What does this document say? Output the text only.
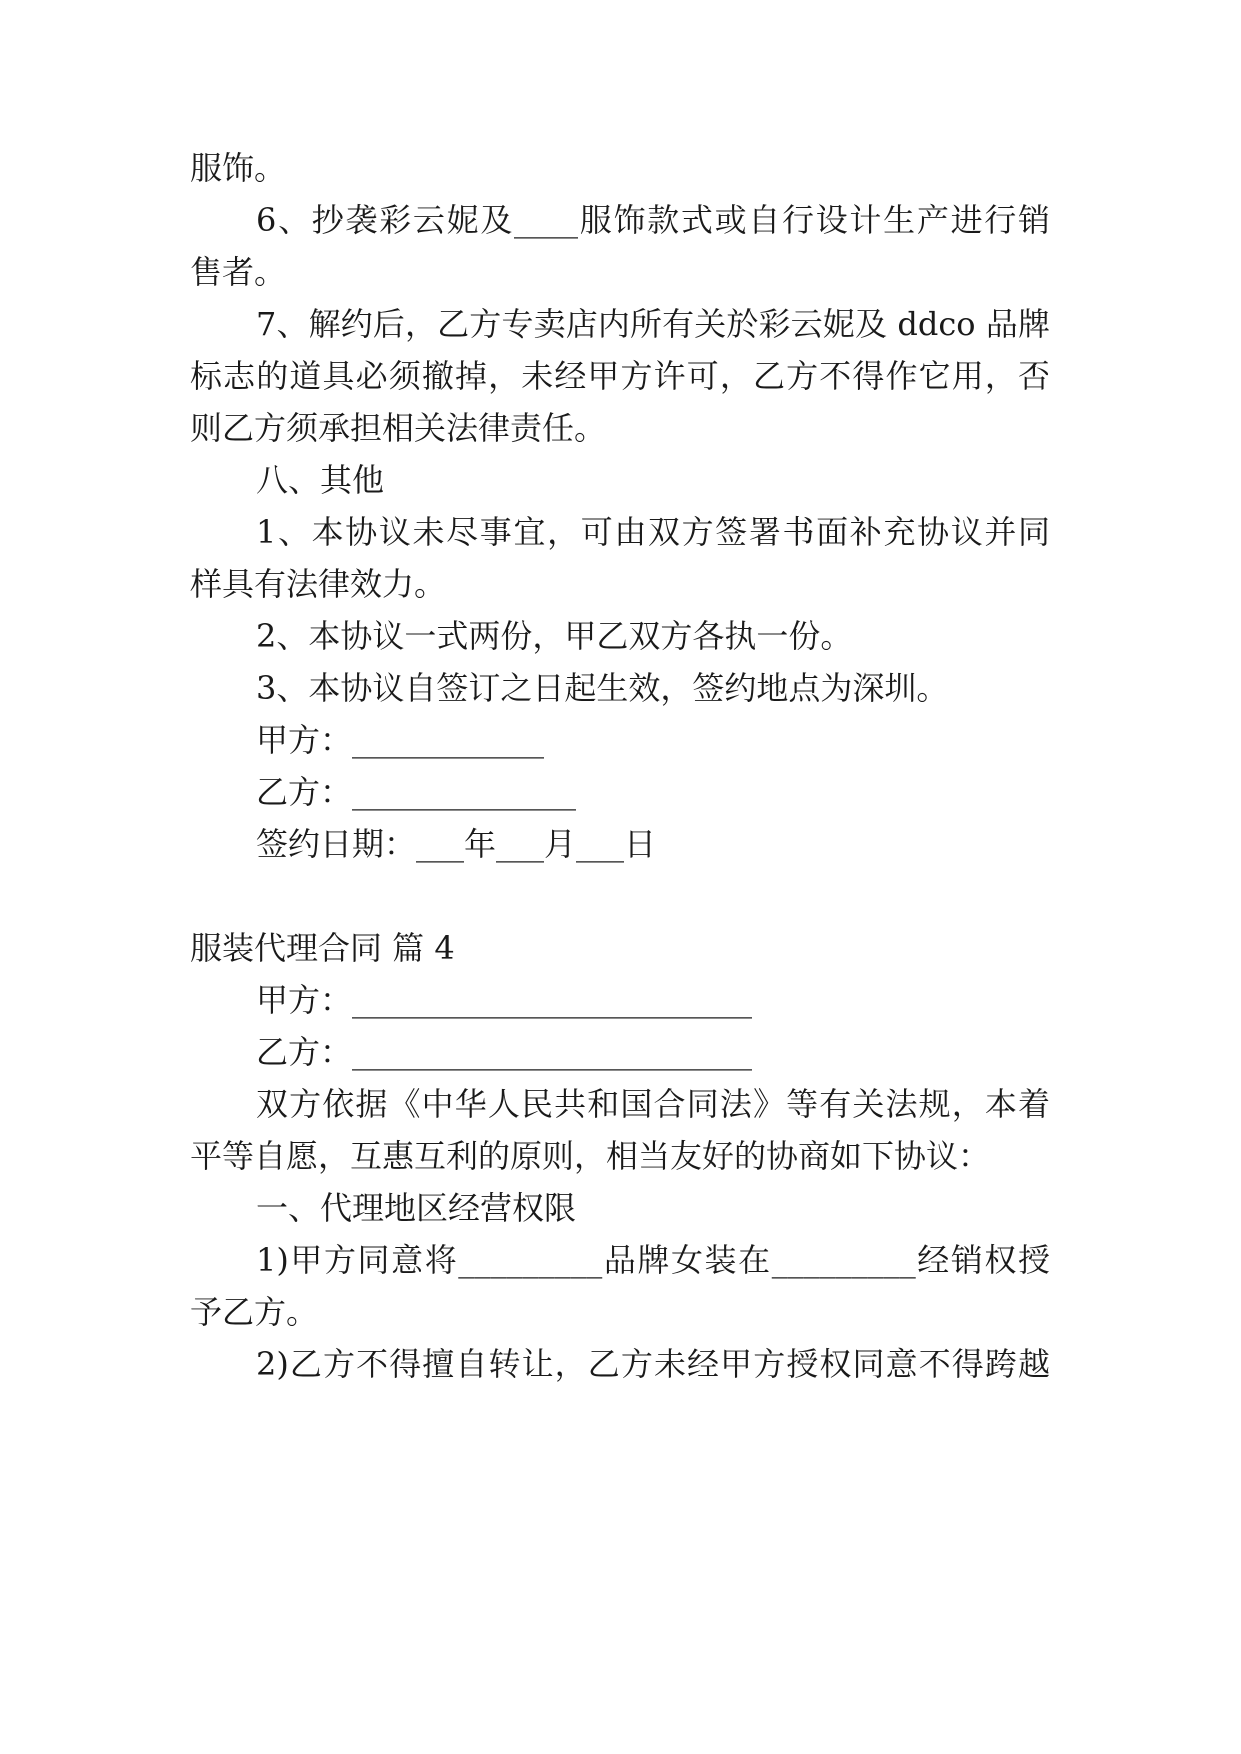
服饰。

6、抄袭彩云妮及____服饰款式或自行设计生产进行销

售者。

7、解约后，乙方专卖店内所有关於彩云妮及 ddco 品牌

标志的道具必须撤掉，未经甲方许可，乙方不得作它用，否

则乙方须承担相关法律责任。

八、其他

1、本协议未尽事宜，可由双方签署书面补充协议并同

样具有法律效力。

2、本协议一式两份，甲乙双方各执一份。

3、本协议自签订之日起生效，签约地点为深圳。

甲方：____________

乙方：______________

签约日期：___年___月___日

服装代理合同 篇 4

甲方：_________________________

乙方：_________________________

双方依据《中华人民共和国合同法》等有关法规，本着

平等自愿，互惠互利的原则，相当友好的协商如下协议：

一、代理地区经营权限

1)甲方同意将_________品牌女装在_________经销权授

予乙方。

2)乙方不得擅自转让，乙方未经甲方授权同意不得跨越
